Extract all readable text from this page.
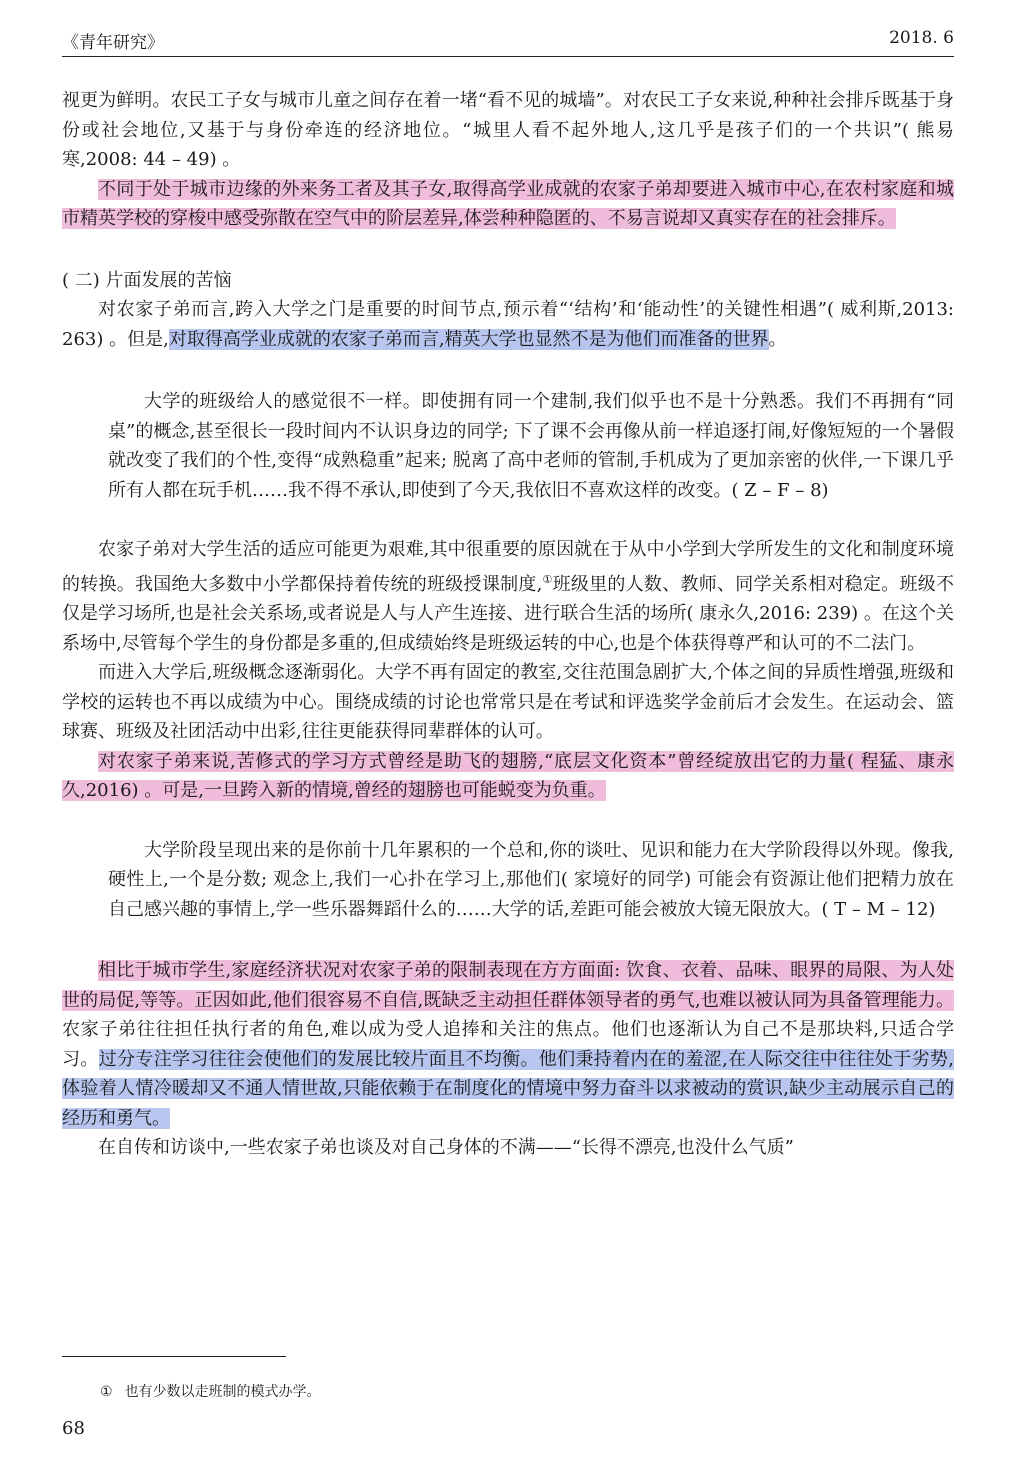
《青年研究》	2018. 6

视更为鲜明。农民工子女与城市儿童之间存在着一堵“看不见的城墙”。对农民工子女来说,种种社会排斥既基于身份或社会地位,又基于与身份牵连的经济地位。“城里人看不起外地人,这几乎是孩子们的一个共识”( 熊易寒,2008: 44 – 49) 。

不同于处于城市边缘的外来务工者及其子女,取得高学业成就的农家子弟却要进入城市中心,在农村家庭和城市精英学校的穿梭中感受弥散在空气中的阶层差异,体尝种种隐匿的、不易言说却又真实存在的社会排斥。

( 二) 片面发展的苦恼

对农家子弟而言,跨入大学之门是重要的时间节点,预示着“‘结构’和‘能动性’的关键性相遇”( 威利斯,2013: 263) 。但是,对取得高学业成就的农家子弟而言,精英大学也显然不是为他们而准备的世界。

大学的班级给人的感觉很不一样。即使拥有同一个建制,我们似乎也不是十分熟悉。我们不再拥有“同桌”的概念,甚至很长一段时间内不认识身边的同学; 下了课不会再像从前一样追逐打闹,好像短短的一个暑假就改变了我们的个性,变得“成熟稳重”起来; 脱离了高中老师的管制,手机成为了更加亲密的伙伴,一下课几乎所有人都在玩手机……我不得不承认,即使到了今天,我依旧不喜欢这样的改变。( Z – F – 8)

农家子弟对大学生活的适应可能更为艰难,其中很重要的原因就在于从中小学到大学所发生的文化和制度环境的转换。我国绝大多数中小学都保持着传统的班级授课制度,①班级里的人数、教师、同学关系相对稳定。班级不仅是学习场所,也是社会关系场,或者说是人与人产生连接、进行联合生活的场所( 康永久,2016: 239) 。在这个关系场中,尽管每个学生的身份都是多重的,但成绩始终是班级运转的中心,也是个体获得尊严和认可的不二法门。

而进入大学后,班级概念逐渐弱化。大学不再有固定的教室,交往范围急剧扩大,个体之间的异质性增强,班级和学校的运转也不再以成绩为中心。围绕成绩的讨论也常常只是在考试和评选奖学金前后才会发生。在运动会、篮球赛、班级及社团活动中出彩,往往更能获得同辈群体的认可。

对农家子弟来说,苦修式的学习方式曾经是助飞的翅膀,“底层文化资本”曾经绽放出它的力量( 程猛、康永久,2016) 。可是,一旦跨入新的情境,曾经的翅膀也可能蜕变为负重。

大学阶段呈现出来的是你前十几年累积的一个总和,你的谈吐、见识和能力在大学阶段得以外现。像我,硬性上,一个是分数; 观念上,我们一心扑在学习上,那他们( 家境好的同学) 可能会有资源让他们把精力放在自己感兴趣的事情上,学一些乐器舞蹈什么的……大学的话,差距可能会被放大镜无限放大。( T – M – 12)

相比于城市学生,家庭经济状况对农家子弟的限制表现在方方面面: 饮食、衣着、品味、眼界的局限、为人处世的局促,等等。正因如此,他们很容易不自信,既缺乏主动担任群体领导者的勇气,也难以被认同为具备管理能力。农家子弟往往担任执行者的角色,难以成为受人追捧和关注的焦点。他们也逐渐认为自己不是那块料,只适合学习。过分专注学习往往会使他们的发展比较片面且不均衡。他们秉持着内在的羞涩,在人际交往中往往处于劣势,体验着人情冷暖却又不通人情世故,只能依赖于在制度化的情境中努力奋斗以求被动的赏识,缺少主动展示自己的经历和勇气。

在自传和访谈中,一些农家子弟也谈及对自己身体的不满——“长得不漂亮,也没什么气质”

① 也有少数以走班制的模式办学。
68
